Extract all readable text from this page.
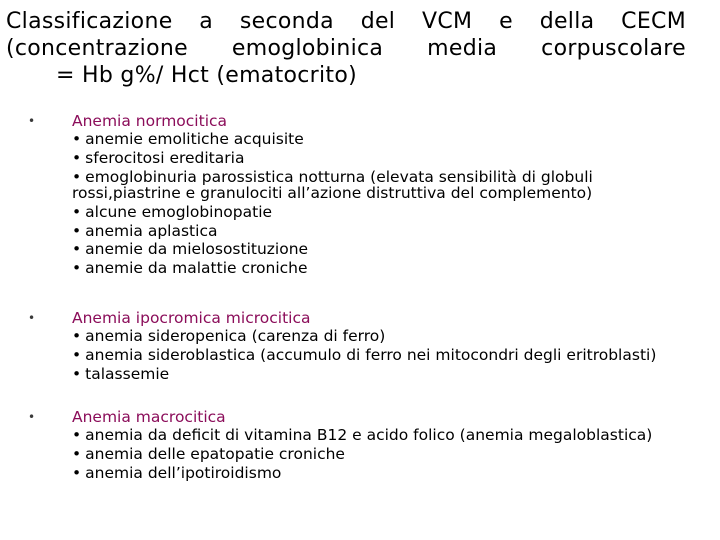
Classificazione a seconda del VCM e della CECM
(concentrazione emoglobinica media corpuscolare
= Hb g%/ Hct (ematocrito)
• Anemia normocitica
• anemie emolitiche acquisite
• sferocitosi ereditaria
• emoglobinuria parossistica notturna (elevata sensibilità di globuli rossi,piastrine e granulociti all’azione distruttiva del complemento)
• alcune emoglobinopatie
• anemia aplastica
• anemie da mielosostituzione
• anemie da malattie croniche
• Anemia ipocromica microcitica
• anemia sideropenica (carenza di ferro)
• anemia sideroblastica (accumulo di ferro nei mitocondri degli eritroblasti)
• talassemie
• Anemia macrocitica
• anemia da deficit di vitamina B12 e acido folico (anemia megaloblastica)
• anemia delle epatopatie croniche
• anemia dell’ipotiroidismo
